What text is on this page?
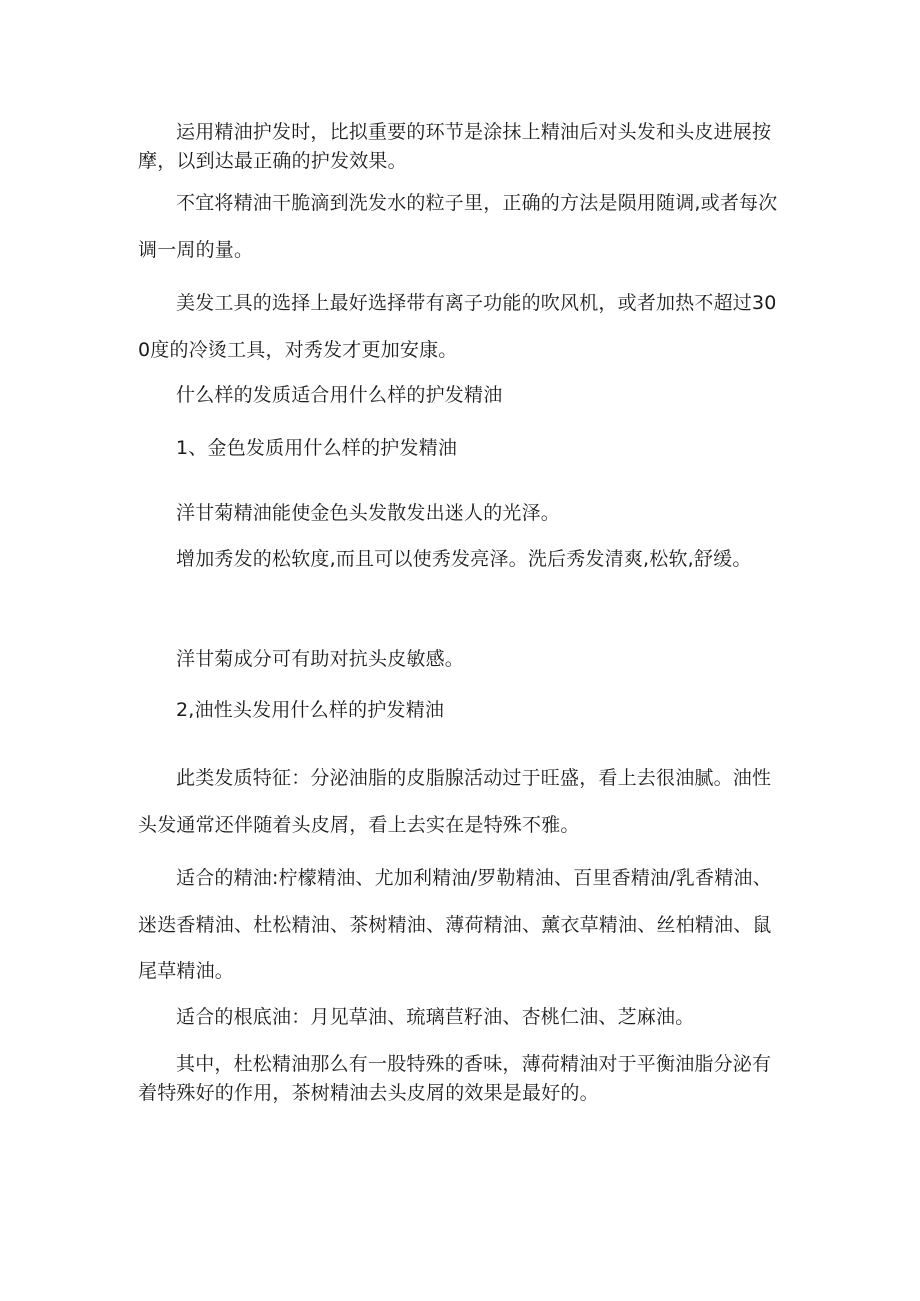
运用精油护发时，比拟重要的环节是涂抹上精油后对头发和头皮进展按摩，以到达最正确的护发效果。

不宜将精油干脆滴到洗发水的粒子里，正确的方法是陨用随调,或者每次调一周的量。

美发工具的选择上最好选择带有离子功能的吹风机，或者加热不超过300度的冷烫工具，对秀发才更加安康。

什么样的发质适合用什么样的护发精油

1、金色发质用什么样的护发精油

洋甘菊精油能使金色头发散发出迷人的光泽。

增加秀发的松软度,而且可以使秀发亮泽。洗后秀发清爽,松软,舒缓。

洋甘菊成分可有助对抗头皮敏感。

2,油性头发用什么样的护发精油

此类发质特征：分泌油脂的皮脂腺活动过于旺盛，看上去很油腻。油性头发通常还伴随着头皮屑，看上去实在是特殊不雅。

适合的精油:柠檬精油、尤加利精油/罗勒精油、百里香精油/乳香精油、迷迭香精油、杜松精油、茶树精油、薄荷精油、薰衣草精油、丝柏精油、鼠尾草精油。

适合的根底油：月见草油、琉璃苣籽油、杏桃仁油、芝麻油。

其中，杜松精油那么有一股特殊的香味，薄荷精油对于平衡油脂分泌有着特殊好的作用，茶树精油去头皮屑的效果是最好的。
